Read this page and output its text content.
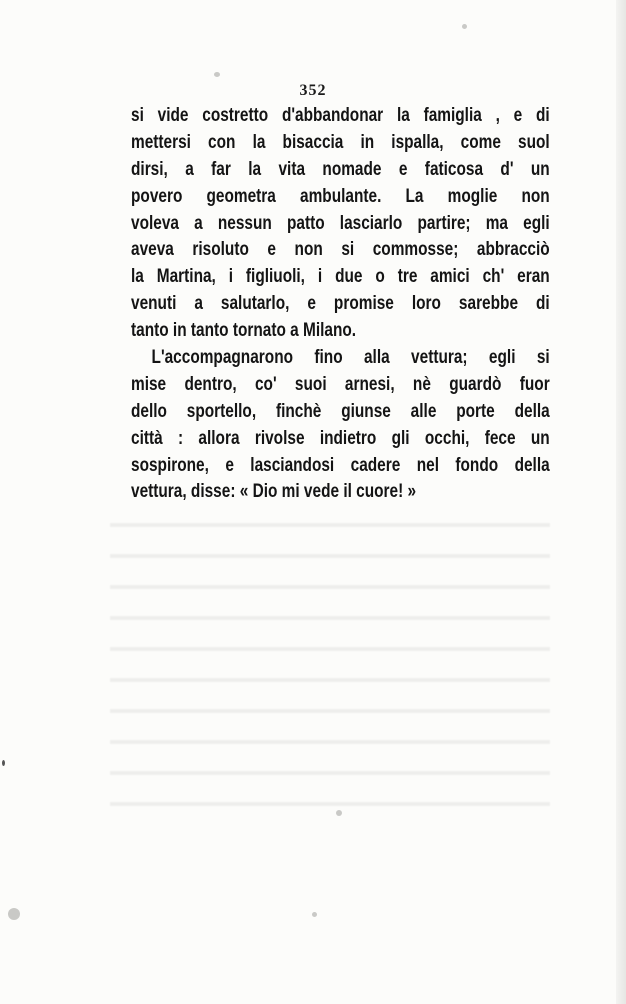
352

si vide costretto d'abbandonar la famiglia , e di
mettersi con la bisaccia in ispalla, come suol
dirsi, a far la vita nomade e faticosa d' un
povero geometra ambulante. La moglie non
voleva a nessun patto lasciarlo partire; ma egli
aveva risoluto e non si commosse; abbracciò
la Martina, i figliuoli, i due o tre amici ch' eran
venuti a salutarlo, e promise loro sarebbe di
tanto in tanto tornato a Milano.
L'accompagnarono fino alla vettura; egli si
mise dentro, co' suoi arnesi, nè guardò fuor
dello sportello, finchè giunse alle porte della
città : allora rivolse indietro gli occhi, fece un
sospirone, e lasciandosi cadere nel fondo della
vettura, disse: « Dio mi vede il cuore! »
